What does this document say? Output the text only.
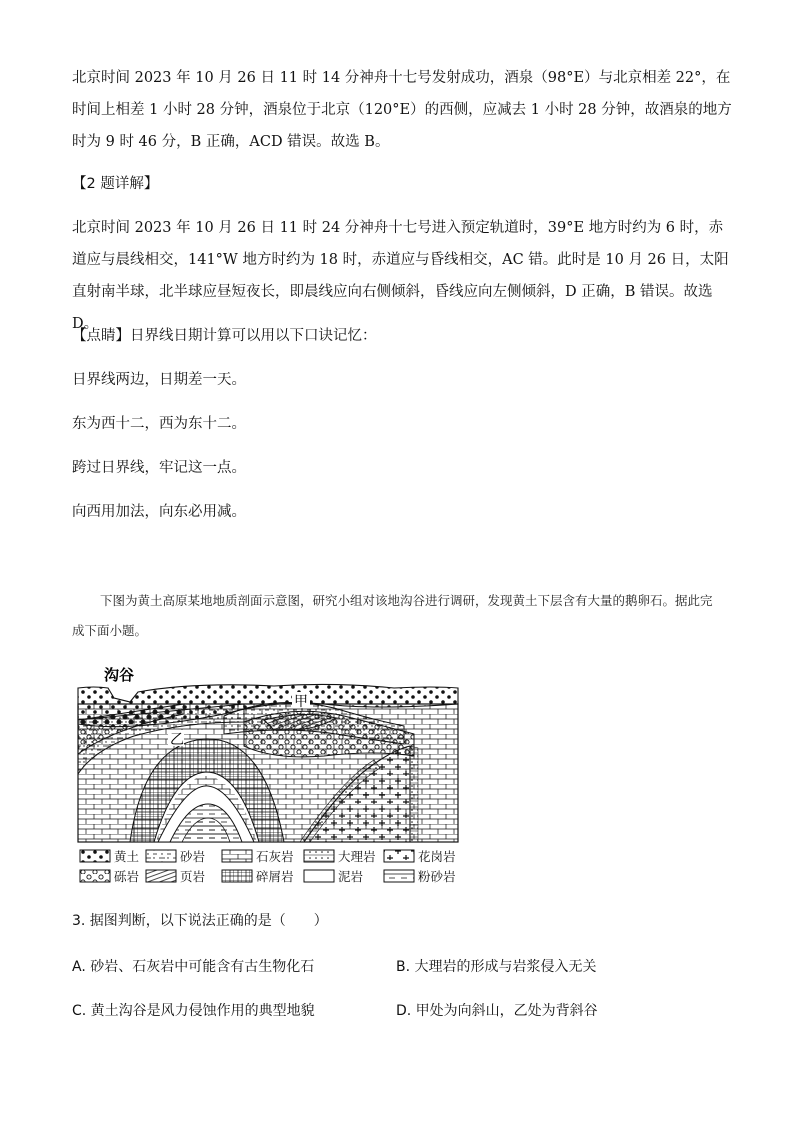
北京时间 2023 年 10 月 26 日 11 时 14 分神舟十七号发射成功，酒泉（98°E）与北京相差 22°，在时间上相差 1 小时 28 分钟，酒泉位于北京（120°E）的西侧，应减去 1 小时 28 分钟，故酒泉的地方时为 9 时 46 分，B 正确，ACD 错误。故选 B。

【2 题详解】

北京时间 2023 年 10 月 26 日 11 时 24 分神舟十七号进入预定轨道时，39°E 地方时约为 6 时，赤道应与晨线相交，141°W 地方时约为 18 时，赤道应与昏线相交，AC 错。此时是 10 月 26 日，太阳直射南半球，北半球应昼短夜长，即晨线应向右侧倾斜，昏线应向左侧倾斜，D 正确，B 错误。故选 D。

【点睛】日界线日期计算可以用以下口诀记忆：

日界线两边，日期差一天。

东为西十二，西为东十二。

跨过日界线，牢记这一点。

向西用加法，向东必用减。

下图为黄土高原某地地质剖面示意图，研究小组对该地沟谷进行调研，发现黄土下层含有大量的鹅卵石。据此完成下面小题。
沟谷
甲
乙
黄土	砂岩	石灰岩	大理岩	花岗岩
砾岩	页岩	碎屑岩	泥岩	粉砂岩
3. 据图判断，以下说法正确的是（　　）
A. 砂岩、石灰岩中可能含有古生物化石	B. 大理岩的形成与岩浆侵入无关
C. 黄土沟谷是风力侵蚀作用的典型地貌	D. 甲处为向斜山，乙处为背斜谷
